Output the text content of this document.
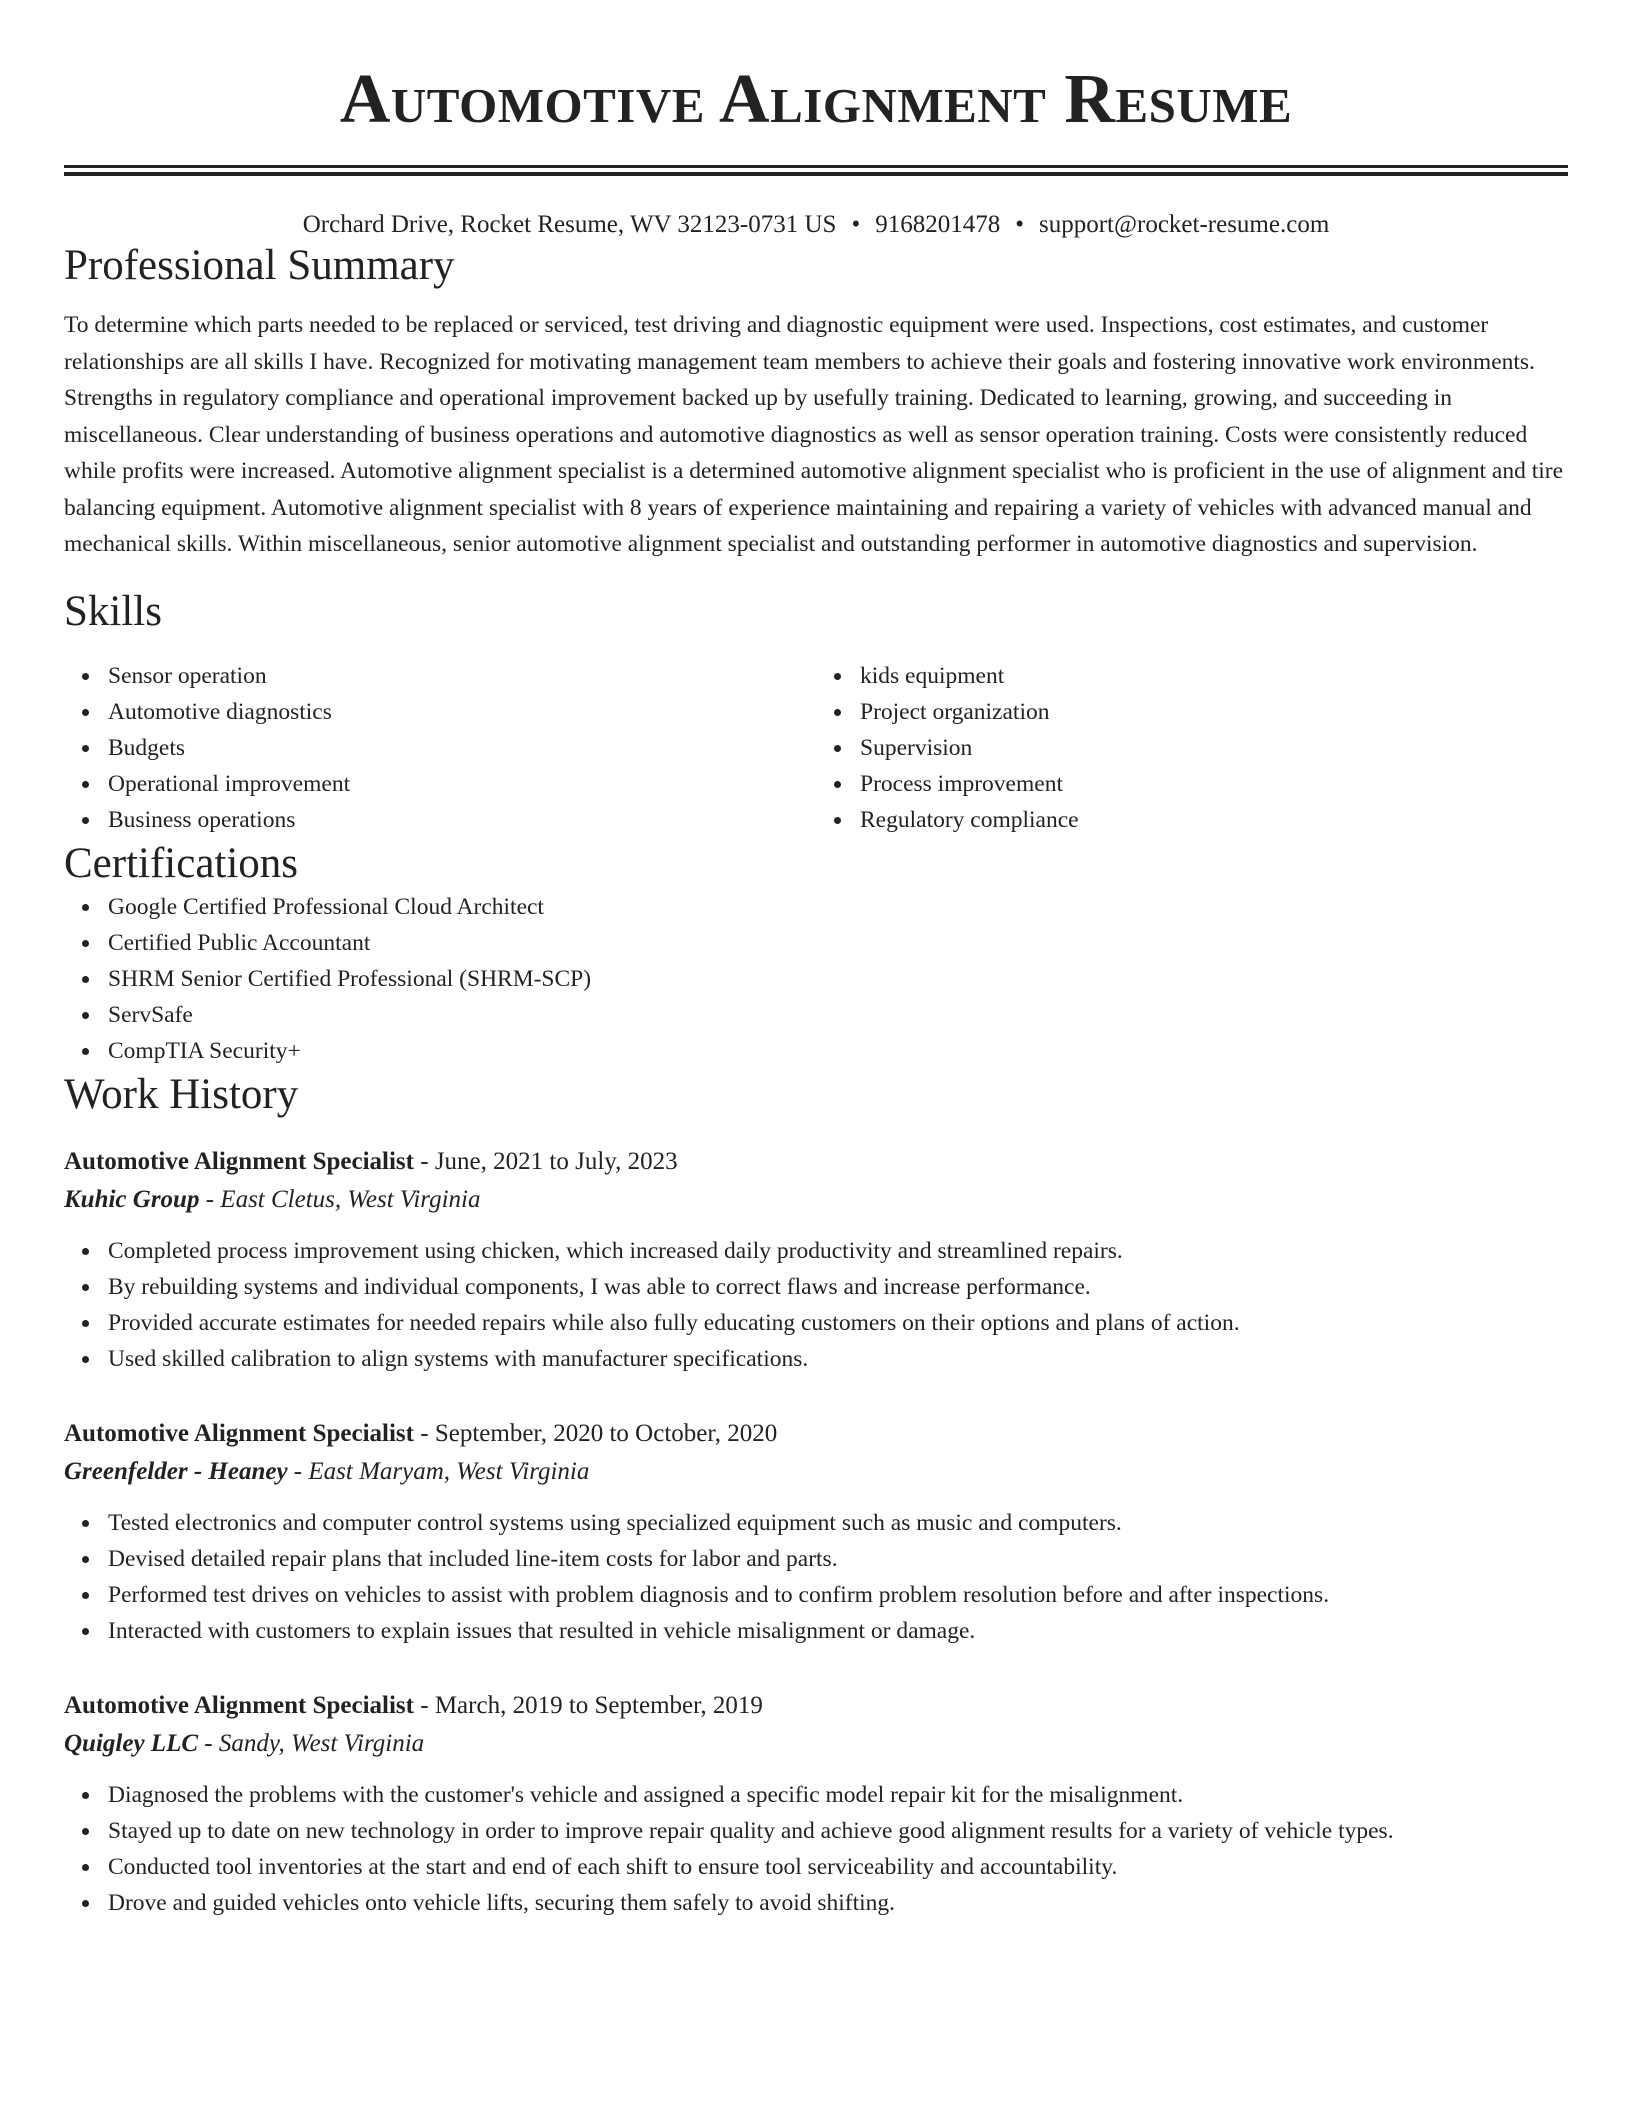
Automotive Alignment Resume
Orchard Drive, Rocket Resume, WV 32123-0731 US • 9168201478 • support@rocket-resume.com
Professional Summary

To determine which parts needed to be replaced or serviced, test driving and diagnostic equipment were used. Inspections, cost estimates, and customer relationships are all skills I have. Recognized for motivating management team members to achieve their goals and fostering innovative work environments. Strengths in regulatory compliance and operational improvement backed up by usefully training. Dedicated to learning, growing, and succeeding in miscellaneous. Clear understanding of business operations and automotive diagnostics as well as sensor operation training. Costs were consistently reduced while profits were increased. Automotive alignment specialist is a determined automotive alignment specialist who is proficient in the use of alignment and tire balancing equipment. Automotive alignment specialist with 8 years of experience maintaining and repairing a variety of vehicles with advanced manual and mechanical skills. Within miscellaneous, senior automotive alignment specialist and outstanding performer in automotive diagnostics and supervision.

Skills
Sensor operation
Automotive diagnostics
Budgets
Operational improvement
Business operations
kids equipment
Project organization
Supervision
Process improvement
Regulatory compliance
Certifications
Google Certified Professional Cloud Architect
Certified Public Accountant
SHRM Senior Certified Professional (SHRM-SCP)
ServSafe
CompTIA Security+
Work History
Automotive Alignment Specialist - June, 2021 to July, 2023
Kuhic Group - East Cletus, West Virginia
Completed process improvement using chicken, which increased daily productivity and streamlined repairs.
By rebuilding systems and individual components, I was able to correct flaws and increase performance.
Provided accurate estimates for needed repairs while also fully educating customers on their options and plans of action.
Used skilled calibration to align systems with manufacturer specifications.
Automotive Alignment Specialist - September, 2020 to October, 2020
Greenfelder - Heaney - East Maryam, West Virginia
Tested electronics and computer control systems using specialized equipment such as music and computers.
Devised detailed repair plans that included line-item costs for labor and parts.
Performed test drives on vehicles to assist with problem diagnosis and to confirm problem resolution before and after inspections.
Interacted with customers to explain issues that resulted in vehicle misalignment or damage.
Automotive Alignment Specialist - March, 2019 to September, 2019
Quigley LLC - Sandy, West Virginia
Diagnosed the problems with the customer's vehicle and assigned a specific model repair kit for the misalignment.
Stayed up to date on new technology in order to improve repair quality and achieve good alignment results for a variety of vehicle types.
Conducted tool inventories at the start and end of each shift to ensure tool serviceability and accountability.
Drove and guided vehicles onto vehicle lifts, securing them safely to avoid shifting.
